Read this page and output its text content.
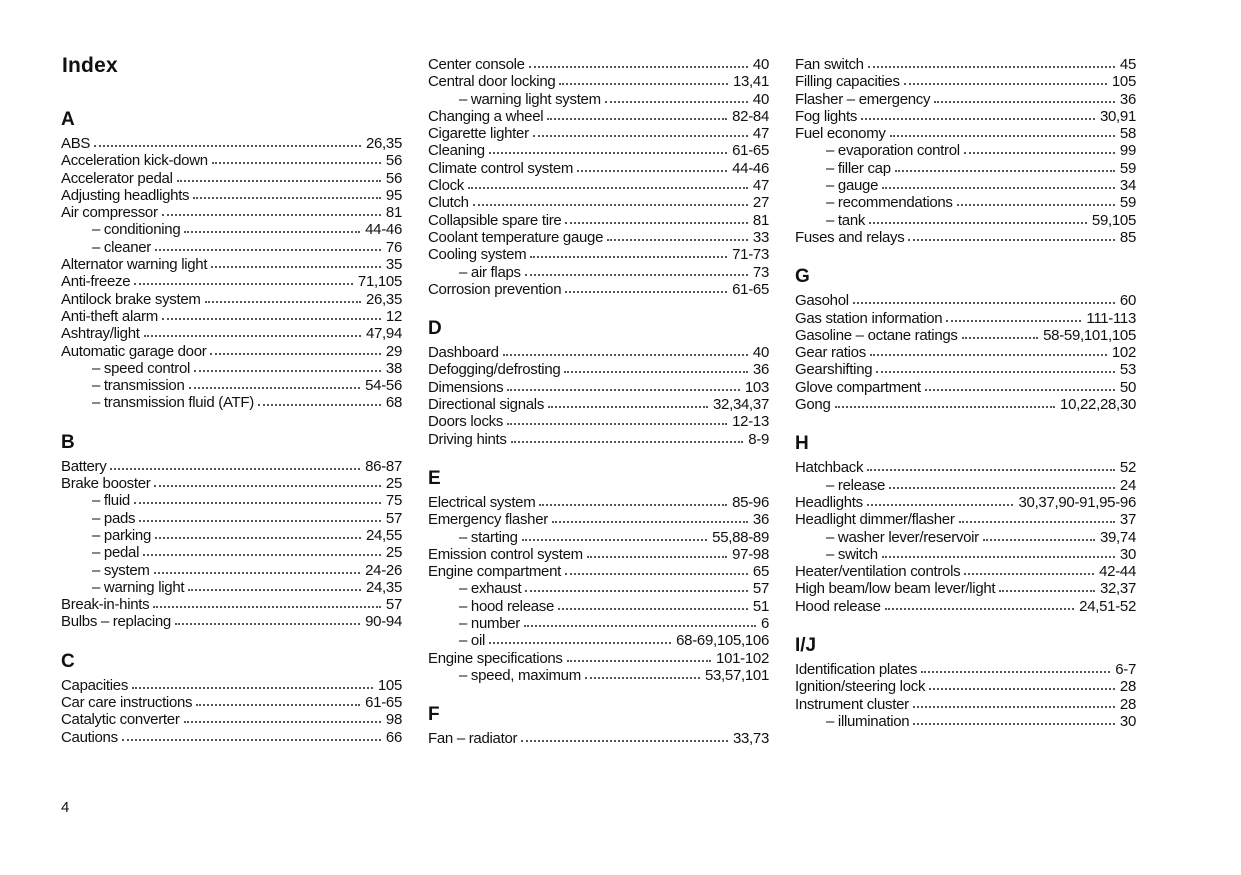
Index
A
ABS	26,35
Acceleration kick-down	56
Accelerator pedal	56
Adjusting headlights	95
Air compressor	81
– conditioning	44-46
– cleaner	76
Alternator warning light	35
Anti-freeze	71,105
Antilock brake system	26,35
Anti-theft alarm	12
Ashtray/light	47,94
Automatic garage door	29
– speed control	38
– transmission	54-56
– transmission fluid (ATF)	68
B
Battery	86-87
Brake booster	25
– fluid	75
– pads	57
– parking	24,55
– pedal	25
– system	24-26
– warning light	24,35
Break-in-hints	57
Bulbs – replacing	90-94
C
Capacities	105
Car care instructions	61-65
Catalytic converter	98
Cautions	66
Center console	40
Central door locking	13,41
– warning light system	40
Changing a wheel	82-84
Cigarette lighter	47
Cleaning	61-65
Climate control system	44-46
Clock	47
Clutch	27
Collapsible spare tire	81
Coolant temperature gauge	33
Cooling system	71-73
– air flaps	73
Corrosion prevention	61-65
D
Dashboard	40
Defogging/defrosting	36
Dimensions	103
Directional signals	32,34,37
Doors locks	12-13
Driving hints	8-9
E
Electrical system	85-96
Emergency flasher	36
– starting	55,88-89
Emission control system	97-98
Engine compartment	65
– exhaust	57
– hood release	51
– number	6
– oil	68-69,105,106
Engine specifications	101-102
– speed, maximum	53,57,101
F
Fan – radiator	33,73
Fan switch	45
Filling capacities	105
Flasher – emergency	36
Fog lights	30,91
Fuel economy	58
– evaporation control	99
– filler cap	59
– gauge	34
– recommendations	59
– tank	59,105
Fuses and relays	85
G
Gasohol	60
Gas station information	111-113
Gasoline – octane ratings	58-59,101,105
Gear ratios	102
Gearshifting	53
Glove compartment	50
Gong	10,22,28,30
H
Hatchback	52
– release	24
Headlights	30,37,90-91,95-96
Headlight dimmer/flasher	37
– washer lever/reservoir	39,74
– switch	30
Heater/ventilation controls	42-44
High beam/low beam lever/light	32,37
Hood release	24,51-52
I/J
Identification plates	6-7
Ignition/steering lock	28
Instrument cluster	28
– illumination	30
4
